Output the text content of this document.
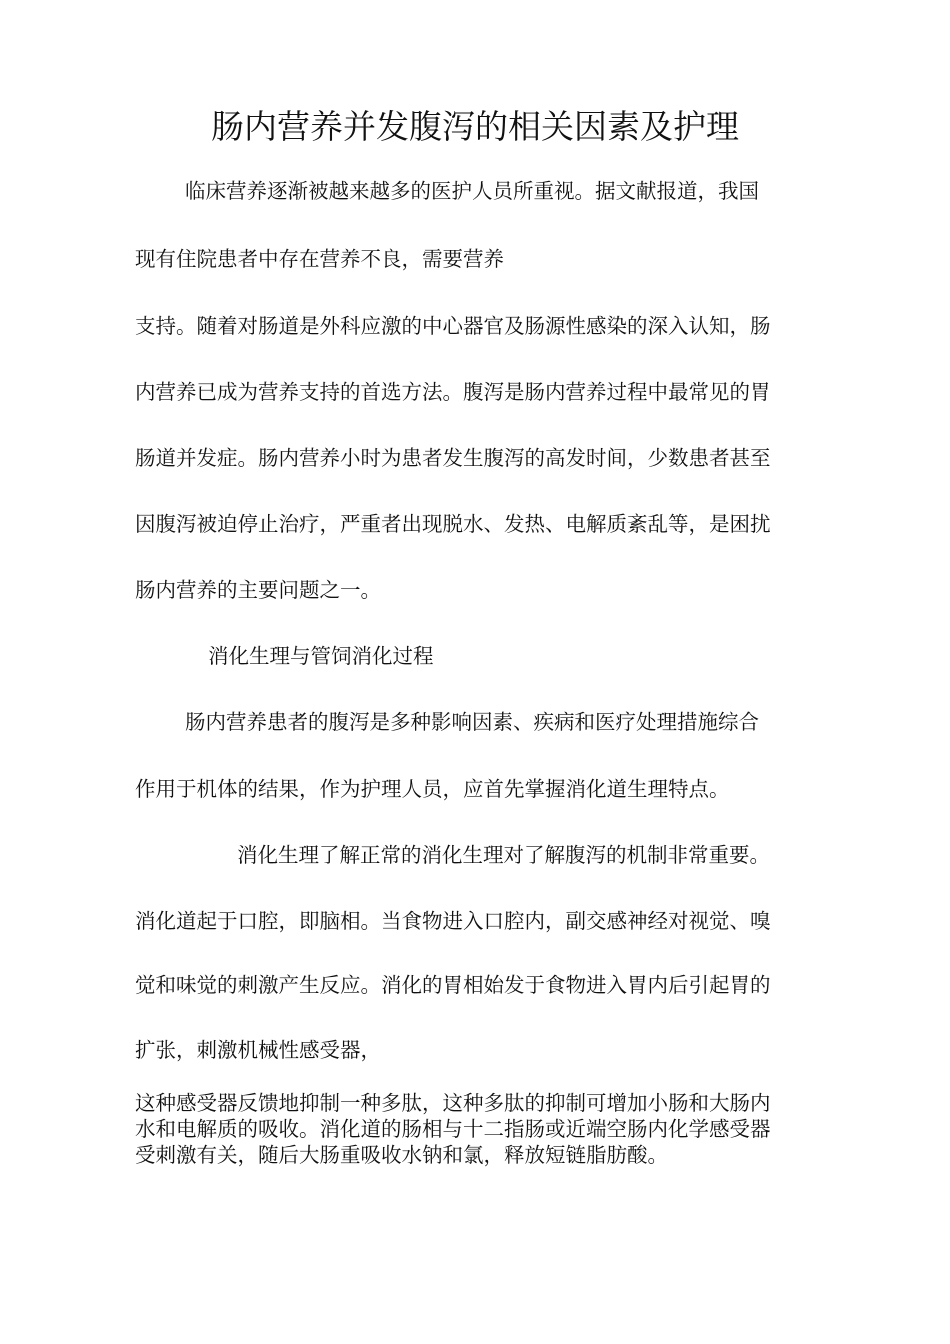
肠内营养并发腹泻的相关因素及护理
临床营养逐渐被越来越多的医护人员所重视。据文献报道，我国
现有住院患者中存在营养不良，需要营养
支持。随着对肠道是外科应激的中心器官及肠源性感染的深入认知，肠
内营养已成为营养支持的首选方法。腹泻是肠内营养过程中最常见的胃
肠道并发症。肠内营养小时为患者发生腹泻的高发时间，少数患者甚至
因腹泻被迫停止治疗，严重者出现脱水、发热、电解质紊乱等，是困扰
肠内营养的主要问题之一。
消化生理与管饲消化过程
肠内营养患者的腹泻是多种影响因素、疾病和医疗处理措施综合
作用于机体的结果，作为护理人员，应首先掌握消化道生理特点。
消化生理了解正常的消化生理对了解腹泻的机制非常重要。
消化道起于口腔，即脑相。当食物进入口腔内，副交感神经对视觉、嗅
觉和味觉的刺激产生反应。消化的胃相始发于食物进入胃内后引起胃的
扩张，刺激机械性感受器，
这种感受器反馈地抑制一种多肽，这种多肽的抑制可增加小肠和大肠内
水和电解质的吸收。消化道的肠相与十二指肠或近端空肠内化学感受器
受刺激有关，随后大肠重吸收水钠和氯，释放短链脂肪酸。
